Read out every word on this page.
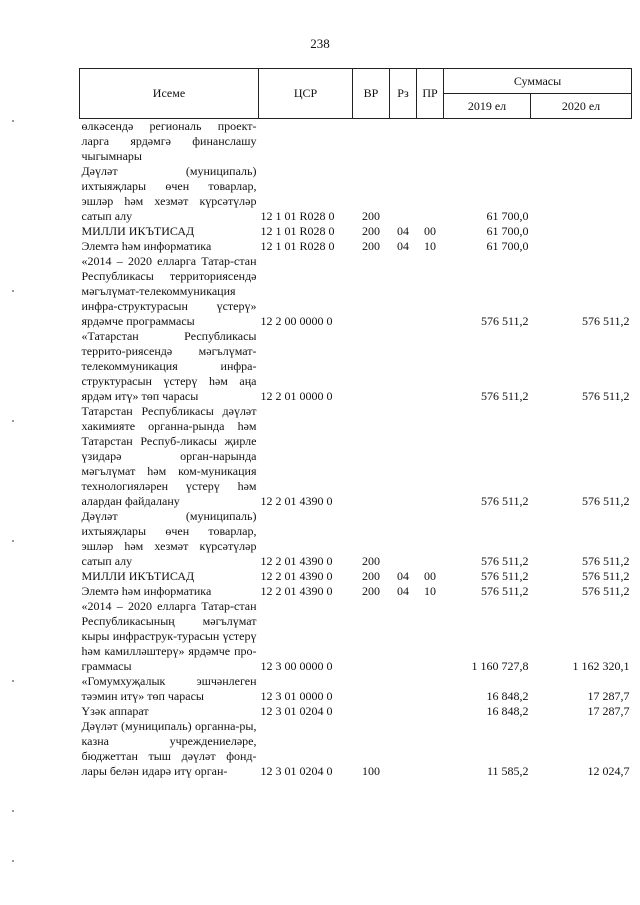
238
Исеме	ЦСР	ВР	Рз	ПР	Суммасы	
					2019 ел	2020 ел
өлкәсендә региональ проект-ларга ярдәмгә финанслашу чыгымнары						
Дәүләт (муниципаль) ихтыяҗлары өчен товарлар, эшләр һәм хезмәт күрсәтүләр сатып алу	12 1 01 R028 0	200			61 700,0	
МИЛЛИ ИКЪТИСАД	12 1 01 R028 0	200	04	00	61 700,0	
Элемтә һәм информатика	12 1 01 R028 0	200	04	10	61 700,0	
«2014 – 2020 елларга Татар-стан Республикасы территориясендә мәгълүмат-телекоммуникация инфра-структурасын үстерү» ярдәмче программасы	12 2 00 0000 0				576 511,2	576 511,2
«Татарстан Республикасы террито-риясендә мәгълүмат-телекоммуникация инфра-структурасын үстерү һәм аңа ярдәм итү» төп чарасы	12 2 01 0000 0				576 511,2	576 511,2
Татарстан Республикасы дәүләт хакимияте органна-рында һәм Татарстан Респуб-ликасы җирле үзидарә орган-нарында мәгълүмат һәм ком-муникация технологияләрен үстерү һәм алардан файдалану	12 2 01 4390 0				576 511,2	576 511,2
Дәүләт (муниципаль) ихтыяҗлары өчен товарлар, эшләр һәм хезмәт күрсәтүләр сатып алу	12 2 01 4390 0	200			576 511,2	576 511,2
МИЛЛИ ИКЪТИСАД	12 2 01 4390 0	200	04	00	576 511,2	576 511,2
Элемтә һәм информатика	12 2 01 4390 0	200	04	10	576 511,2	576 511,2
«2014 – 2020 елларга Татар-стан Республикасының мәгълүмат кыры инфраструк-турасын үстерү һәм камилләштерү» ярдәмче про-граммасы	12 3 00 0000 0				1 160 727,8	1 162 320,1
«Гомумхуҗалык эшчәнлеген тәэмин итү» төп чарасы	12 3 01 0000 0				16 848,2	17 287,7
Үзәк аппарат	12 3 01 0204 0				16 848,2	17 287,7
Дәүләт (муниципаль) органна-ры, казна учреждениеләре, бюджеттан тыш дәүләт фонд-лары белән идарә итү орган-	12 3 01 0204 0	100			11 585,2	12 024,7
